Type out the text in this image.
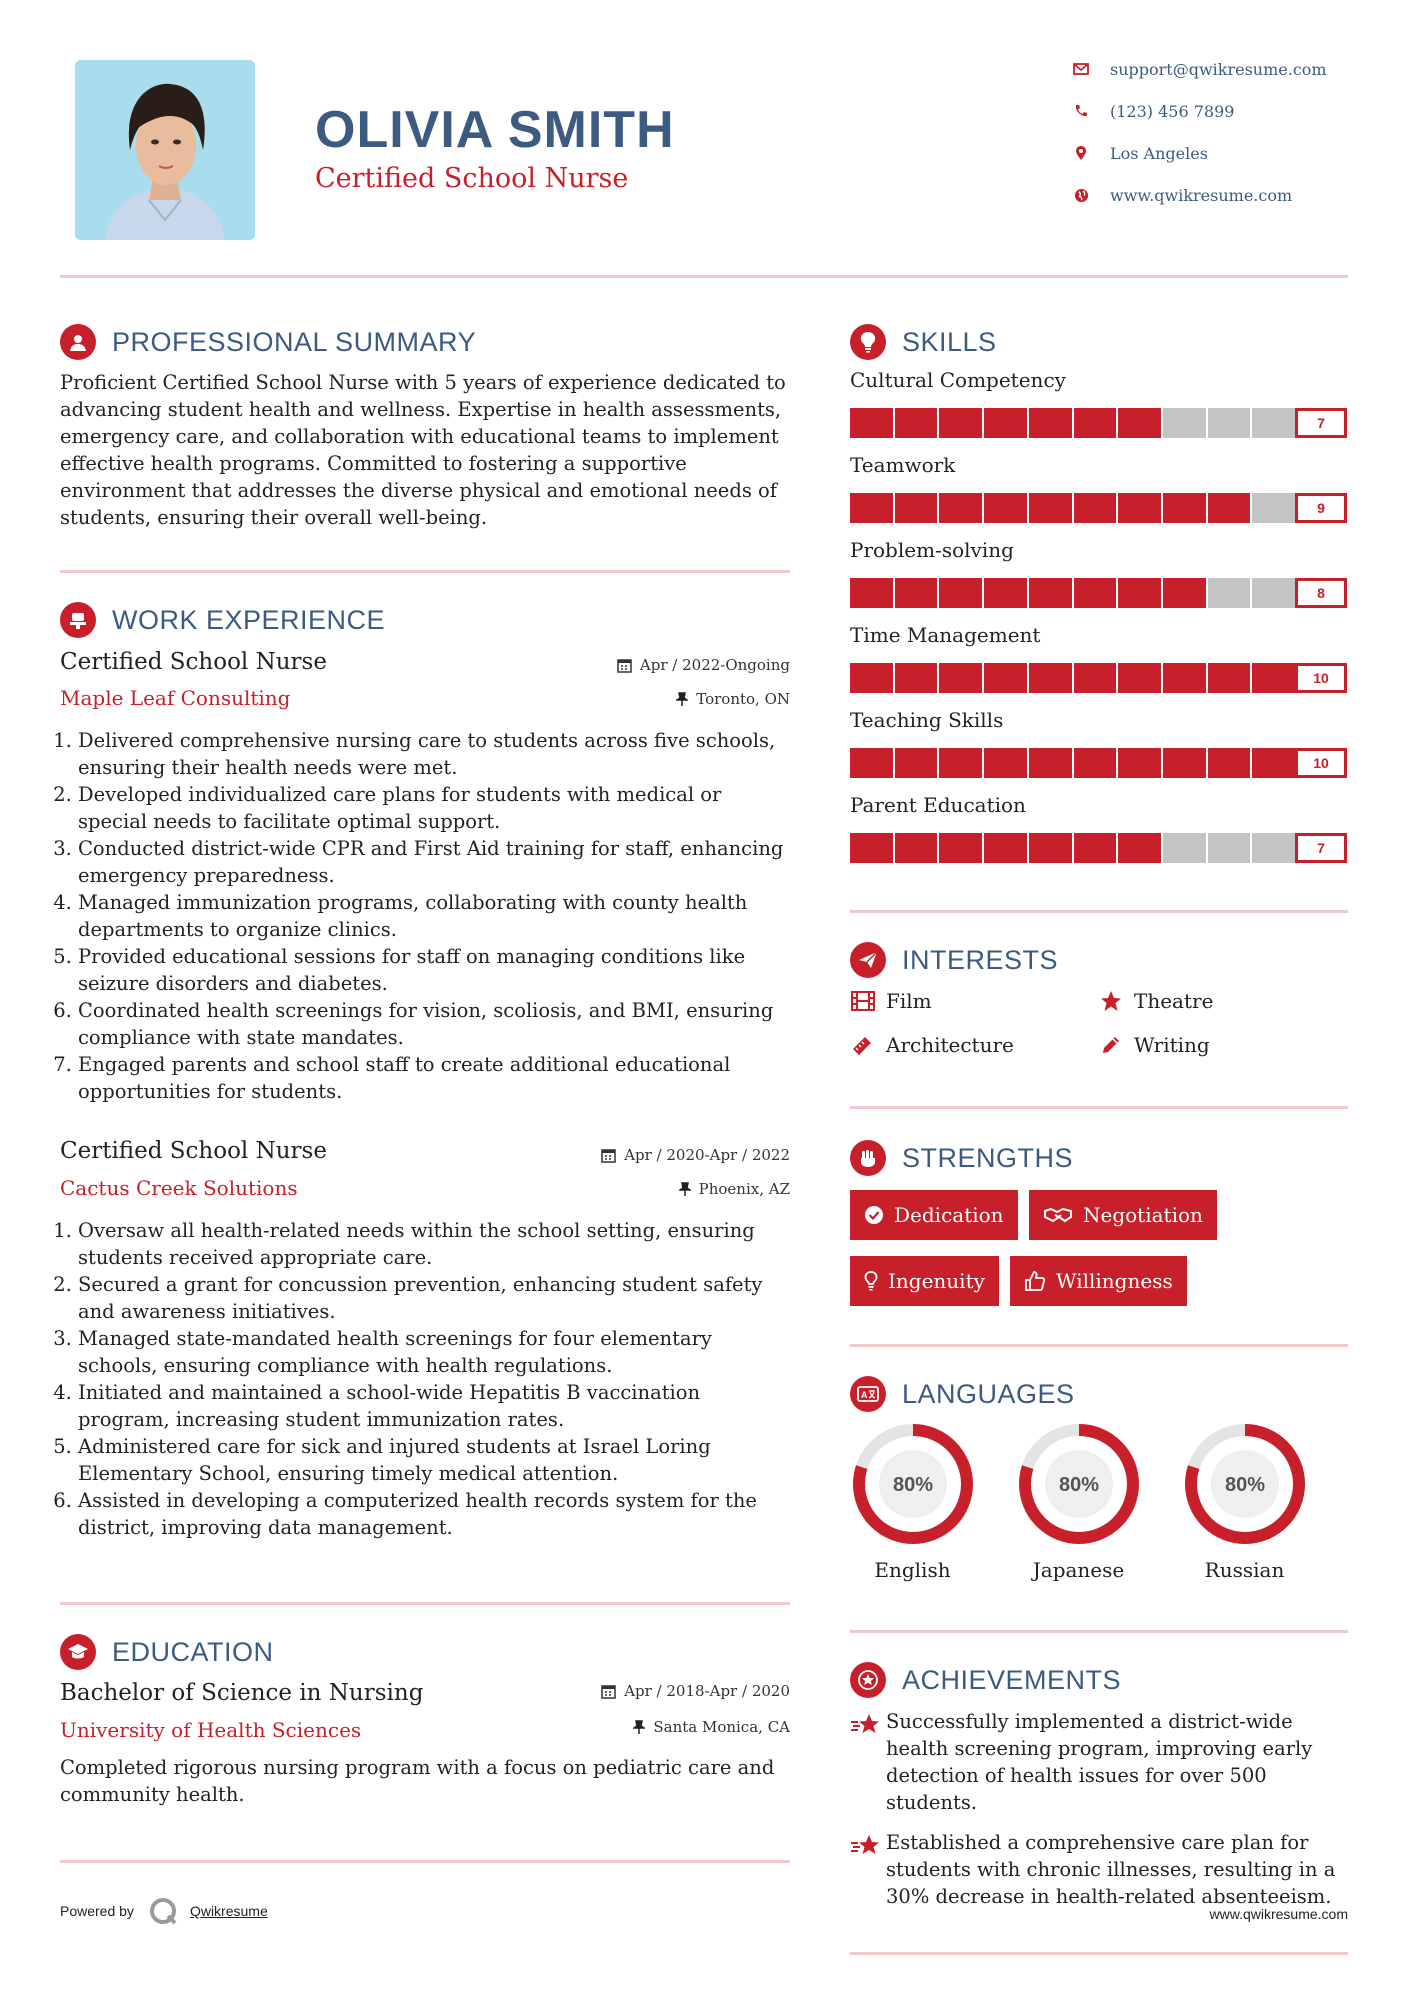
OLIVIA SMITH
Certified School Nurse
support@qwikresume.com
(123) 456 7899
Los Angeles
www.qwikresume.com
PROFESSIONAL SUMMARY
Proficient Certified School Nurse with 5 years of experience dedicated to advancing student health and wellness. Expertise in health assessments, emergency care, and collaboration with educational teams to implement effective health programs. Committed to fostering a supportive environment that addresses the diverse physical and emotional needs of students, ensuring their overall well-being.
WORK EXPERIENCE
Certified School Nurse	Apr / 2022-Ongoing
Maple Leaf Consulting	Toronto, ON
1. Delivered comprehensive nursing care to students across five schools, ensuring their health needs were met.
2. Developed individualized care plans for students with medical or special needs to facilitate optimal support.
3. Conducted district-wide CPR and First Aid training for staff, enhancing emergency preparedness.
4. Managed immunization programs, collaborating with county health departments to organize clinics.
5. Provided educational sessions for staff on managing conditions like seizure disorders and diabetes.
6. Coordinated health screenings for vision, scoliosis, and BMI, ensuring compliance with state mandates.
7. Engaged parents and school staff to create additional educational opportunities for students.
Certified School Nurse	Apr / 2020-Apr / 2022
Cactus Creek Solutions	Phoenix, AZ
1. Oversaw all health-related needs within the school setting, ensuring students received appropriate care.
2. Secured a grant for concussion prevention, enhancing student safety and awareness initiatives.
3. Managed state-mandated health screenings for four elementary schools, ensuring compliance with health regulations.
4. Initiated and maintained a school-wide Hepatitis B vaccination program, increasing student immunization rates.
5. Administered care for sick and injured students at Israel Loring Elementary School, ensuring timely medical attention.
6. Assisted in developing a computerized health records system for the district, improving data management.
EDUCATION
Bachelor of Science in Nursing	Apr / 2018-Apr / 2020
University of Health Sciences	Santa Monica, CA
Completed rigorous nursing program with a focus on pediatric care and community health.
Powered by	Qwikresume	www.qwikresume.com
SKILLS
Cultural Competency
7
Teamwork
9
Problem-solving
8
Time Management
10
Teaching Skills
10
Parent Education
7
INTERESTS
Film	Theatre
Architecture	Writing
STRENGTHS
Dedication	Negotiation
Ingenuity	Willingness
A LANGUAGES
80%
English
80%
Japanese
80%
Russian
ACHIEVEMENTS
Successfully implemented a district-wide health screening program, improving early detection of health issues for over 500 students.
Established a comprehensive care plan for students with chronic illnesses, resulting in a 30% decrease in health-related absenteeism.
